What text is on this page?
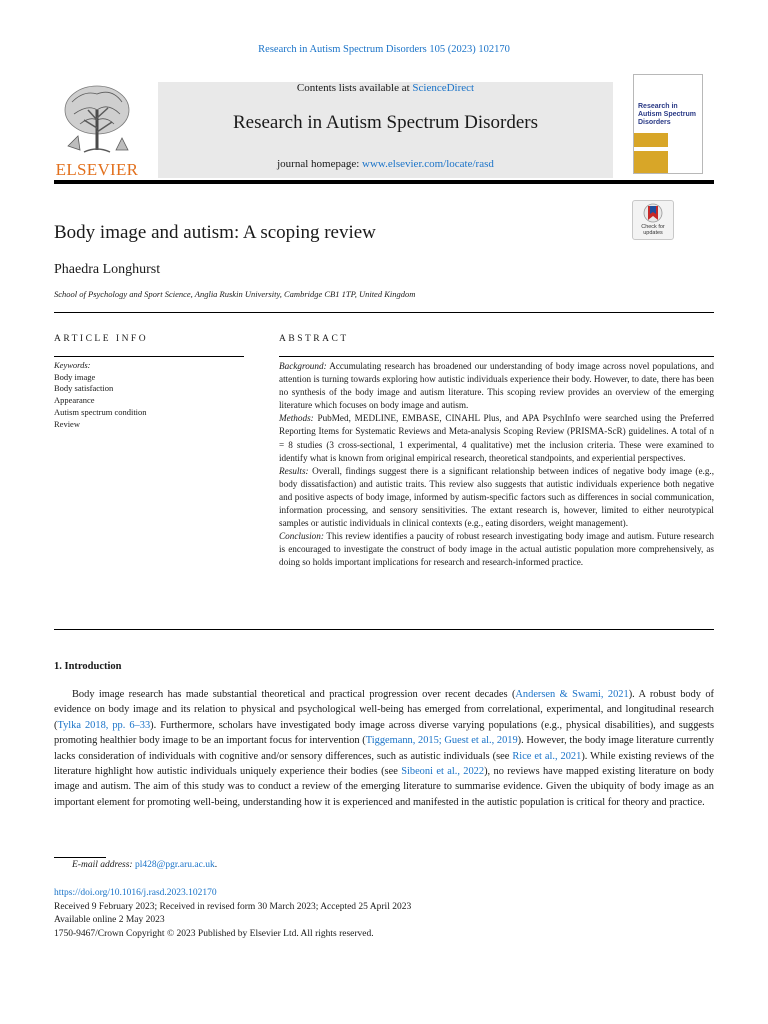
Research in Autism Spectrum Disorders 105 (2023) 102170
ELSEVIER
Contents lists available at ScienceDirect
Research in Autism Spectrum Disorders
journal homepage: www.elsevier.com/locate/rasd
Research in Autism Spectrum Disorders
Body image and autism: A scoping review	Check for updates
Phaedra Longhurst
School of Psychology and Sport Science, Anglia Ruskin University, Cambridge CB1 1TP, United Kingdom
ARTICLE INFO	ABSTRACT
Keywords:
Body image
Body satisfaction
Appearance
Autism spectrum condition
Review

Background: Accumulating research has broadened our understanding of body image across novel populations, and attention is turning towards exploring how autistic individuals experience their body. However, to date, there has been no synthesis of the body image and autism literature. This scoping review provides an overview of the emerging literature which focuses on body image and autism.

Methods: PubMed, MEDLINE, EMBASE, CINAHL Plus, and APA PsychInfo were searched using the Preferred Reporting Items for Systematic Reviews and Meta-analysis Scoping Review (PRISMA-ScR) guidelines. A total of n = 8 studies (3 cross-sectional, 1 experimental, 4 qualitative) met the inclusion criteria. These were examined to identify what is known from original empirical research, theoretical standpoints, and experiential perspectives.

Results: Overall, findings suggest there is a significant relationship between indices of negative body image (e.g., body dissatisfaction) and autistic traits. This review also suggests that autistic individuals experience both negative and positive aspects of body image, informed by autism-specific factors such as differences in social communication, information processing, and sensory sensitivities. The extant research is, however, limited to either neurotypical samples or autistic individuals in clinical contexts (e.g., eating disorders, weight management).

Conclusion: This review identifies a paucity of robust research investigating body image and autism. Future research is encouraged to investigate the construct of body image in the actual autistic population more comprehensively, as doing so holds important implications for research and research-informed practice.

1. Introduction

Body image research has made substantial theoretical and practical progression over recent decades (Andersen & Swami, 2021). A robust body of evidence on body image and its relation to physical and psychological well-being has emerged from correlational, experimental, and longitudinal research (Tylka 2018, pp. 6–33). Furthermore, scholars have investigated body image across diverse varying populations (e.g., physical disabilities), and suggests promoting healthier body image to be an important focus for intervention (Tiggemann, 2015; Guest et al., 2019). However, the body image literature currently lacks consideration of individuals with cognitive and/or sensory differences, such as autistic individuals (see Rice et al., 2021). While existing reviews of the literature highlight how autistic individuals uniquely experience their bodies (see Sibeoni et al., 2022), no reviews have mapped existing literature on body image and autism. The aim of this study was to conduct a review of the emerging literature to summarise evidence. Given the ubiquity of body image as an important element for promoting well-being, understanding how it is experienced and manifested in the autistic population is critical for theory and practice.

E-mail address: pl428@pgr.aru.ac.uk.
https://doi.org/10.1016/j.rasd.2023.102170
Received 9 February 2023; Received in revised form 30 March 2023; Accepted 25 April 2023
Available online 2 May 2023
1750-9467/Crown Copyright © 2023 Published by Elsevier Ltd. All rights reserved.
